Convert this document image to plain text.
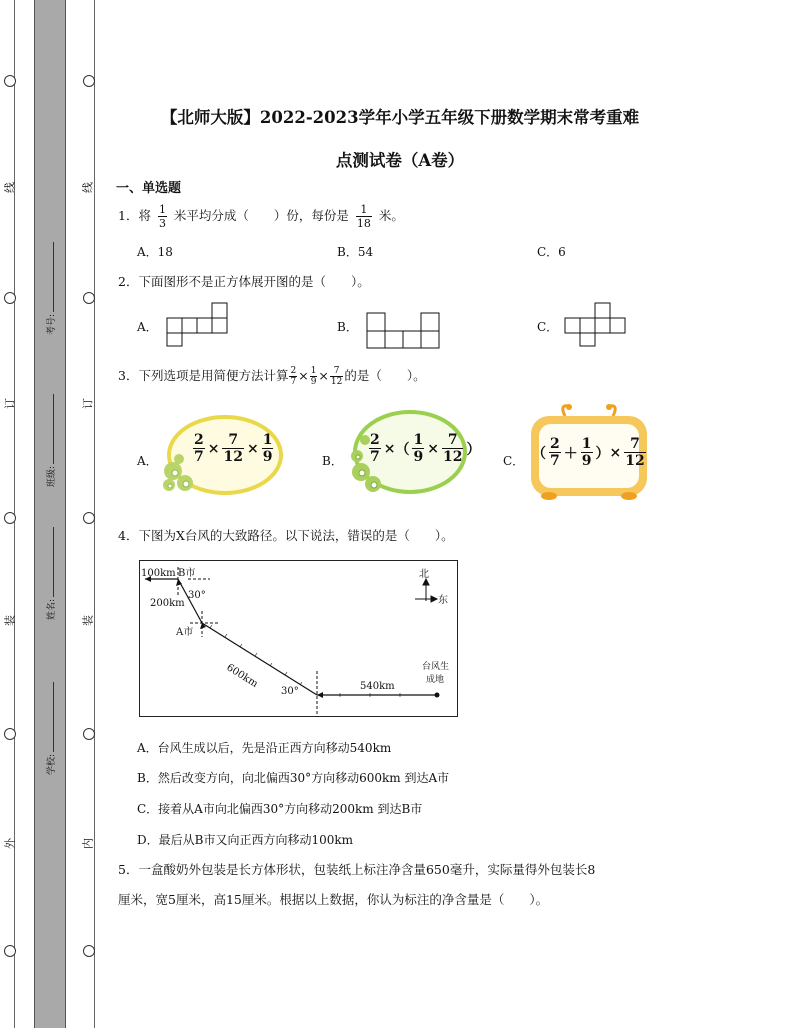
线
订
装
外
线
订
装
内
考号:
班级:
姓名:
学校:
【北师大版】2022-2023学年小学五年级下册数学期末常考重难
点测试卷（A卷）
一、单选题
1．将 $\frac{1}{3}$ 米平均分成（　　）份，每份是 $\frac{1}{18}$ 米。
A．18	B．54	C．6
2．下面图形不是正方体展开图的是（　　）。
A．	B．	C．
3．下列选项是用简便方法计算 $\frac{2}{7} \times \frac{1}{9} \times \frac{7}{12}$ 的是（　　）。
A．	B．	C．
$\frac{2}{7} \times \frac{7}{12} \times \frac{1}{9}$	$\frac{2}{7}$ × （ $\frac{1}{9} \times \frac{7}{12}$ ）	（ $\frac{2}{7} + \frac{1}{9}$ ） × $\frac{7}{12}$
4．下图为X台风的大致路径。以下说法，错误的是（　　）。
100km B市
200km
30°
A市
600km
30°	540km
台风生
成地
北
东
A．台风生成以后，先是沿正西方向移动540km
B．然后改变方向，向北偏西30°方向移动600km 到达A市
C．接着从A市向北偏西30°方向移动200km 到达B市
D．最后从B市又向正西方向移动100km
5．一盒酸奶外包装是长方体形状，包装纸上标注净含量650毫升，实际量得外包装长8
厘米，宽5厘米，高15厘米。根据以上数据，你认为标注的净含量是（　　）。
